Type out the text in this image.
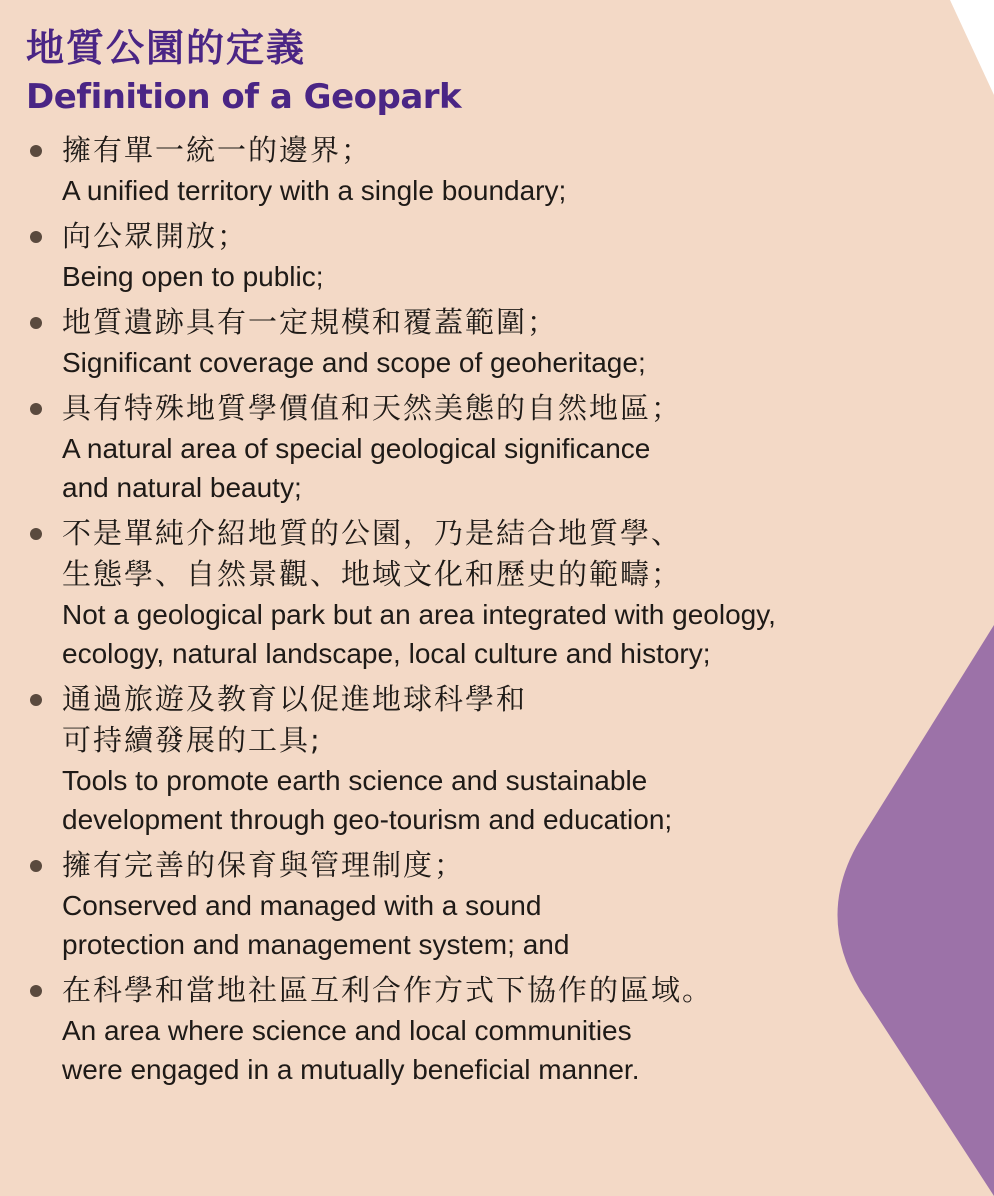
地質公園的定義
Definition of a Geopark
擁有單一統一的邊界；
A unified territory with a single boundary;
向公眾開放；
Being open to public;
地質遺跡具有一定規模和覆蓋範圍；
Significant coverage and scope of geoheritage;
具有特殊地質學價值和天然美態的自然地區；
A natural area of special geological significance
and natural beauty;
不是單純介紹地質的公園，乃是結合地質學、
生態學、自然景觀、地域文化和歷史的範疇；
Not a geological park but an area integrated with geology,
ecology, natural landscape, local culture and history;
通過旅遊及教育以促進地球科學和
可持續發展的工具;
Tools to promote earth science and sustainable
development through geo-tourism and education;
擁有完善的保育與管理制度；
Conserved and managed with a sound
protection and management system; and
在科學和當地社區互利合作方式下協作的區域。
An area where science and local communities
were engaged in a mutually beneficial manner.
